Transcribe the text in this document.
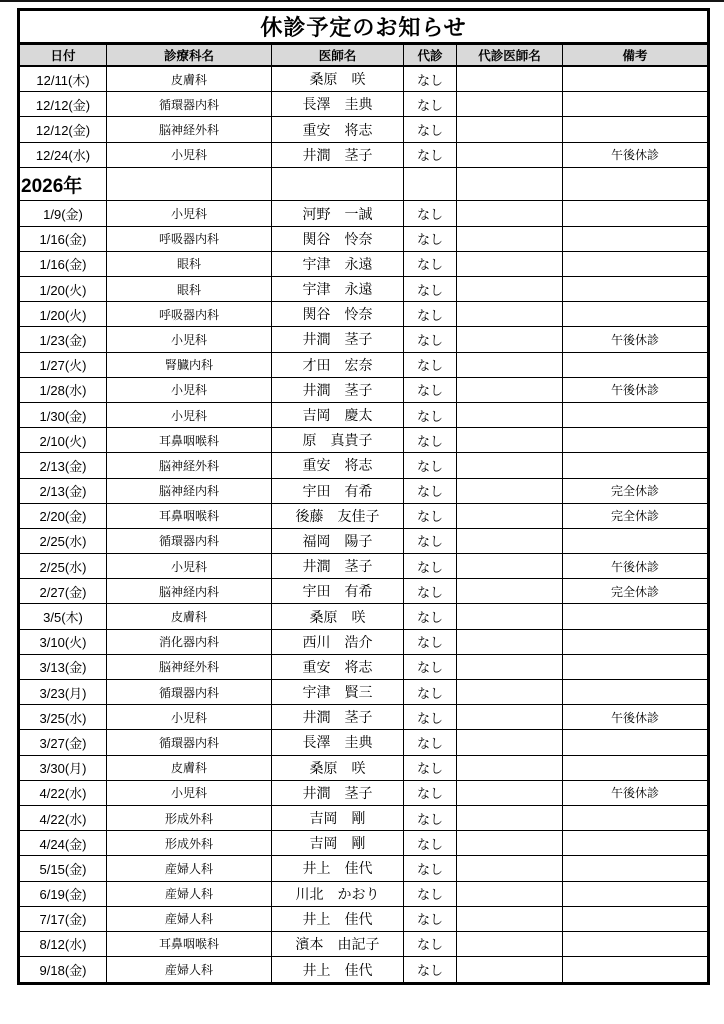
休診予定のお知らせ					
日付	診療科名	医師名	代診	代診医師名	備考
12/11(木)	皮膚科	桑原　咲	なし		
12/12(金)	循環器内科	長澤　圭典	なし		
12/12(金)	脳神経外科	重安　将志	なし		
12/24(水)	小児科	井澗　茎子	なし		午後休診
2026年					
1/9(金)	小児科	河野　一誠	なし		
1/16(金)	呼吸器内科	関谷　怜奈	なし		
1/16(金)	眼科	宇津　永遠	なし		
1/20(火)	眼科	宇津　永遠	なし		
1/20(火)	呼吸器内科	関谷　怜奈	なし		
1/23(金)	小児科	井澗　茎子	なし		午後休診
1/27(火)	腎臓内科	才田　宏奈	なし		
1/28(水)	小児科	井澗　茎子	なし		午後休診
1/30(金)	小児科	吉岡　慶太	なし		
2/10(火)	耳鼻咽喉科	原　真貴子	なし		
2/13(金)	脳神経外科	重安　将志	なし		
2/13(金)	脳神経内科	宇田　有希	なし		完全休診
2/20(金)	耳鼻咽喉科	後藤　友佳子	なし		完全休診
2/25(水)	循環器内科	福岡　陽子	なし		
2/25(水)	小児科	井澗　茎子	なし		午後休診
2/27(金)	脳神経内科	宇田　有希	なし		完全休診
3/5(木)	皮膚科	桑原　咲	なし		
3/10(火)	消化器内科	西川　浩介	なし		
3/13(金)	脳神経外科	重安　将志	なし		
3/23(月)	循環器内科	宇津　賢三	なし		
3/25(水)	小児科	井澗　茎子	なし		午後休診
3/27(金)	循環器内科	長澤　圭典	なし		
3/30(月)	皮膚科	桑原　咲	なし		
4/22(水)	小児科	井澗　茎子	なし		午後休診
4/22(水)	形成外科	吉岡　剛	なし		
4/24(金)	形成外科	吉岡　剛	なし		
5/15(金)	産婦人科	井上　佳代	なし		
6/19(金)	産婦人科	川北　かおり	なし		
7/17(金)	産婦人科	井上　佳代	なし		
8/12(水)	耳鼻咽喉科	濱本　由記子	なし		
9/18(金)	産婦人科	井上　佳代	なし		
